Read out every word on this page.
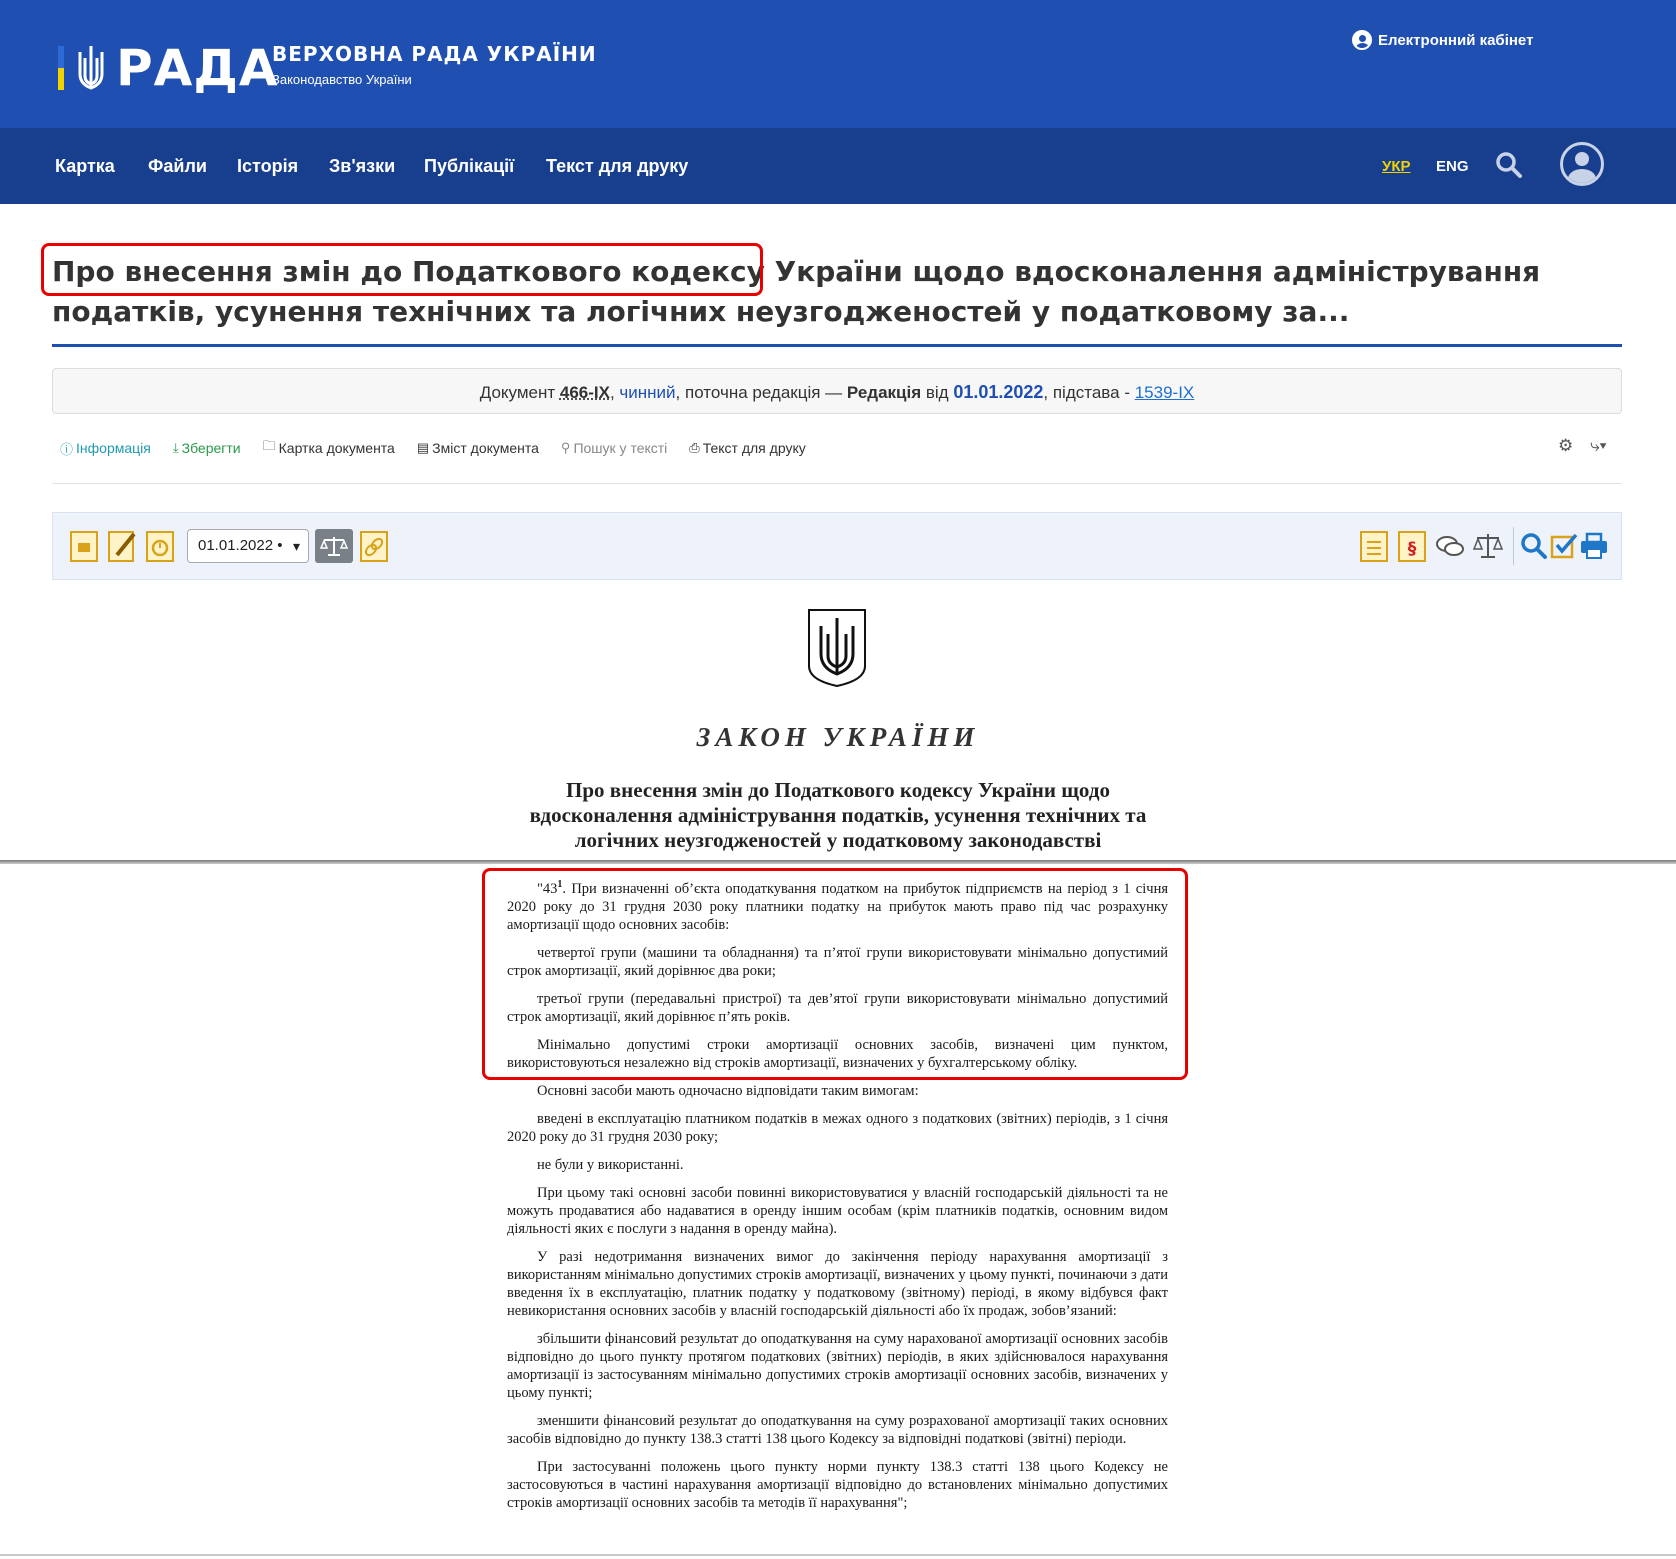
РАДА
ВЕРХОВНА РАДА УКРАЇНИ
Законодавство України
Електронний кабінет
Картка Файли Історія Зв'язки Публікації Текст для друку	УКР ENG
Про внесення змін до Податкового кодексу України щодо вдосконалення адміністрування податків, усунення технічних та логічних неузгодженостей у податковому за...
Документ 466-IX, чинний, поточна редакція — Редакція від 01.01.2022, підстава - 1539-IX
ⓘ Інформація ⤓ Зберегти 🗀 Картка документа ▤ Зміст документа ⚲ Пошук у тексті ⎙ Текст для друку	⚙ ⤷▾
01.01.2022 • ▾	§
ЗАКОН УКРАЇНИ
Про внесення змін до Податкового кодексу України щодо вдосконалення адміністрування податків, усунення технічних та логічних неузгодженостей у податковому законодавстві

"$43^1$. При визначенні об’єкта оподаткування податком на прибуток підприємств на період з 1 січня 2020 року до 31 грудня 2030 року платники податку на прибуток мають право під час розрахунку амортизації щодо основних засобів:

четвертої групи (машини та обладнання) та п’ятої групи використовувати мінімально допустимий строк амортизації, який дорівнює два роки;

третьої групи (передавальні пристрої) та дев’ятої групи використовувати мінімально допустимий строк амортизації, який дорівнює п’ять років.

Мінімально допустимі строки амортизації основних засобів, визначені цим пунктом, використовуються незалежно від строків амортизації, визначених у бухгалтерському обліку.

Основні засоби мають одночасно відповідати таким вимогам:

введені в експлуатацію платником податків в межах одного з податкових (звітних) періодів, з 1 січня 2020 року до 31 грудня 2030 року;

не були у використанні.

При цьому такі основні засоби повинні використовуватися у власній господарській діяльності та не можуть продаватися або надаватися в оренду іншим особам (крім платників податків, основним видом діяльності яких є послуги з надання в оренду майна).

У разі недотримання визначених вимог до закінчення періоду нарахування амортизації з використанням мінімально допустимих строків амортизації, визначених у цьому пункті, починаючи з дати введення їх в експлуатацію, платник податку у податковому (звітному) періоді, в якому відбувся факт невикористання основних засобів у власній господарській діяльності або їх продаж, зобов’язаний:

збільшити фінансовий результат до оподаткування на суму нарахованої амортизації основних засобів відповідно до цього пункту протягом податкових (звітних) періодів, в яких здійснювалося нарахування амортизації із застосуванням мінімально допустимих строків амортизації основних засобів, визначених у цьому пункті;

зменшити фінансовий результат до оподаткування на суму розрахованої амортизації таких основних засобів відповідно до пункту 138.3 статті 138 цього Кодексу за відповідні податкові (звітні) періоди.

При застосуванні положень цього пункту норми пункту 138.3 статті 138 цього Кодексу не застосовуються в частині нарахування амортизації відповідно до встановлених мінімально допустимих строків амортизації основних засобів та методів її нарахування";
